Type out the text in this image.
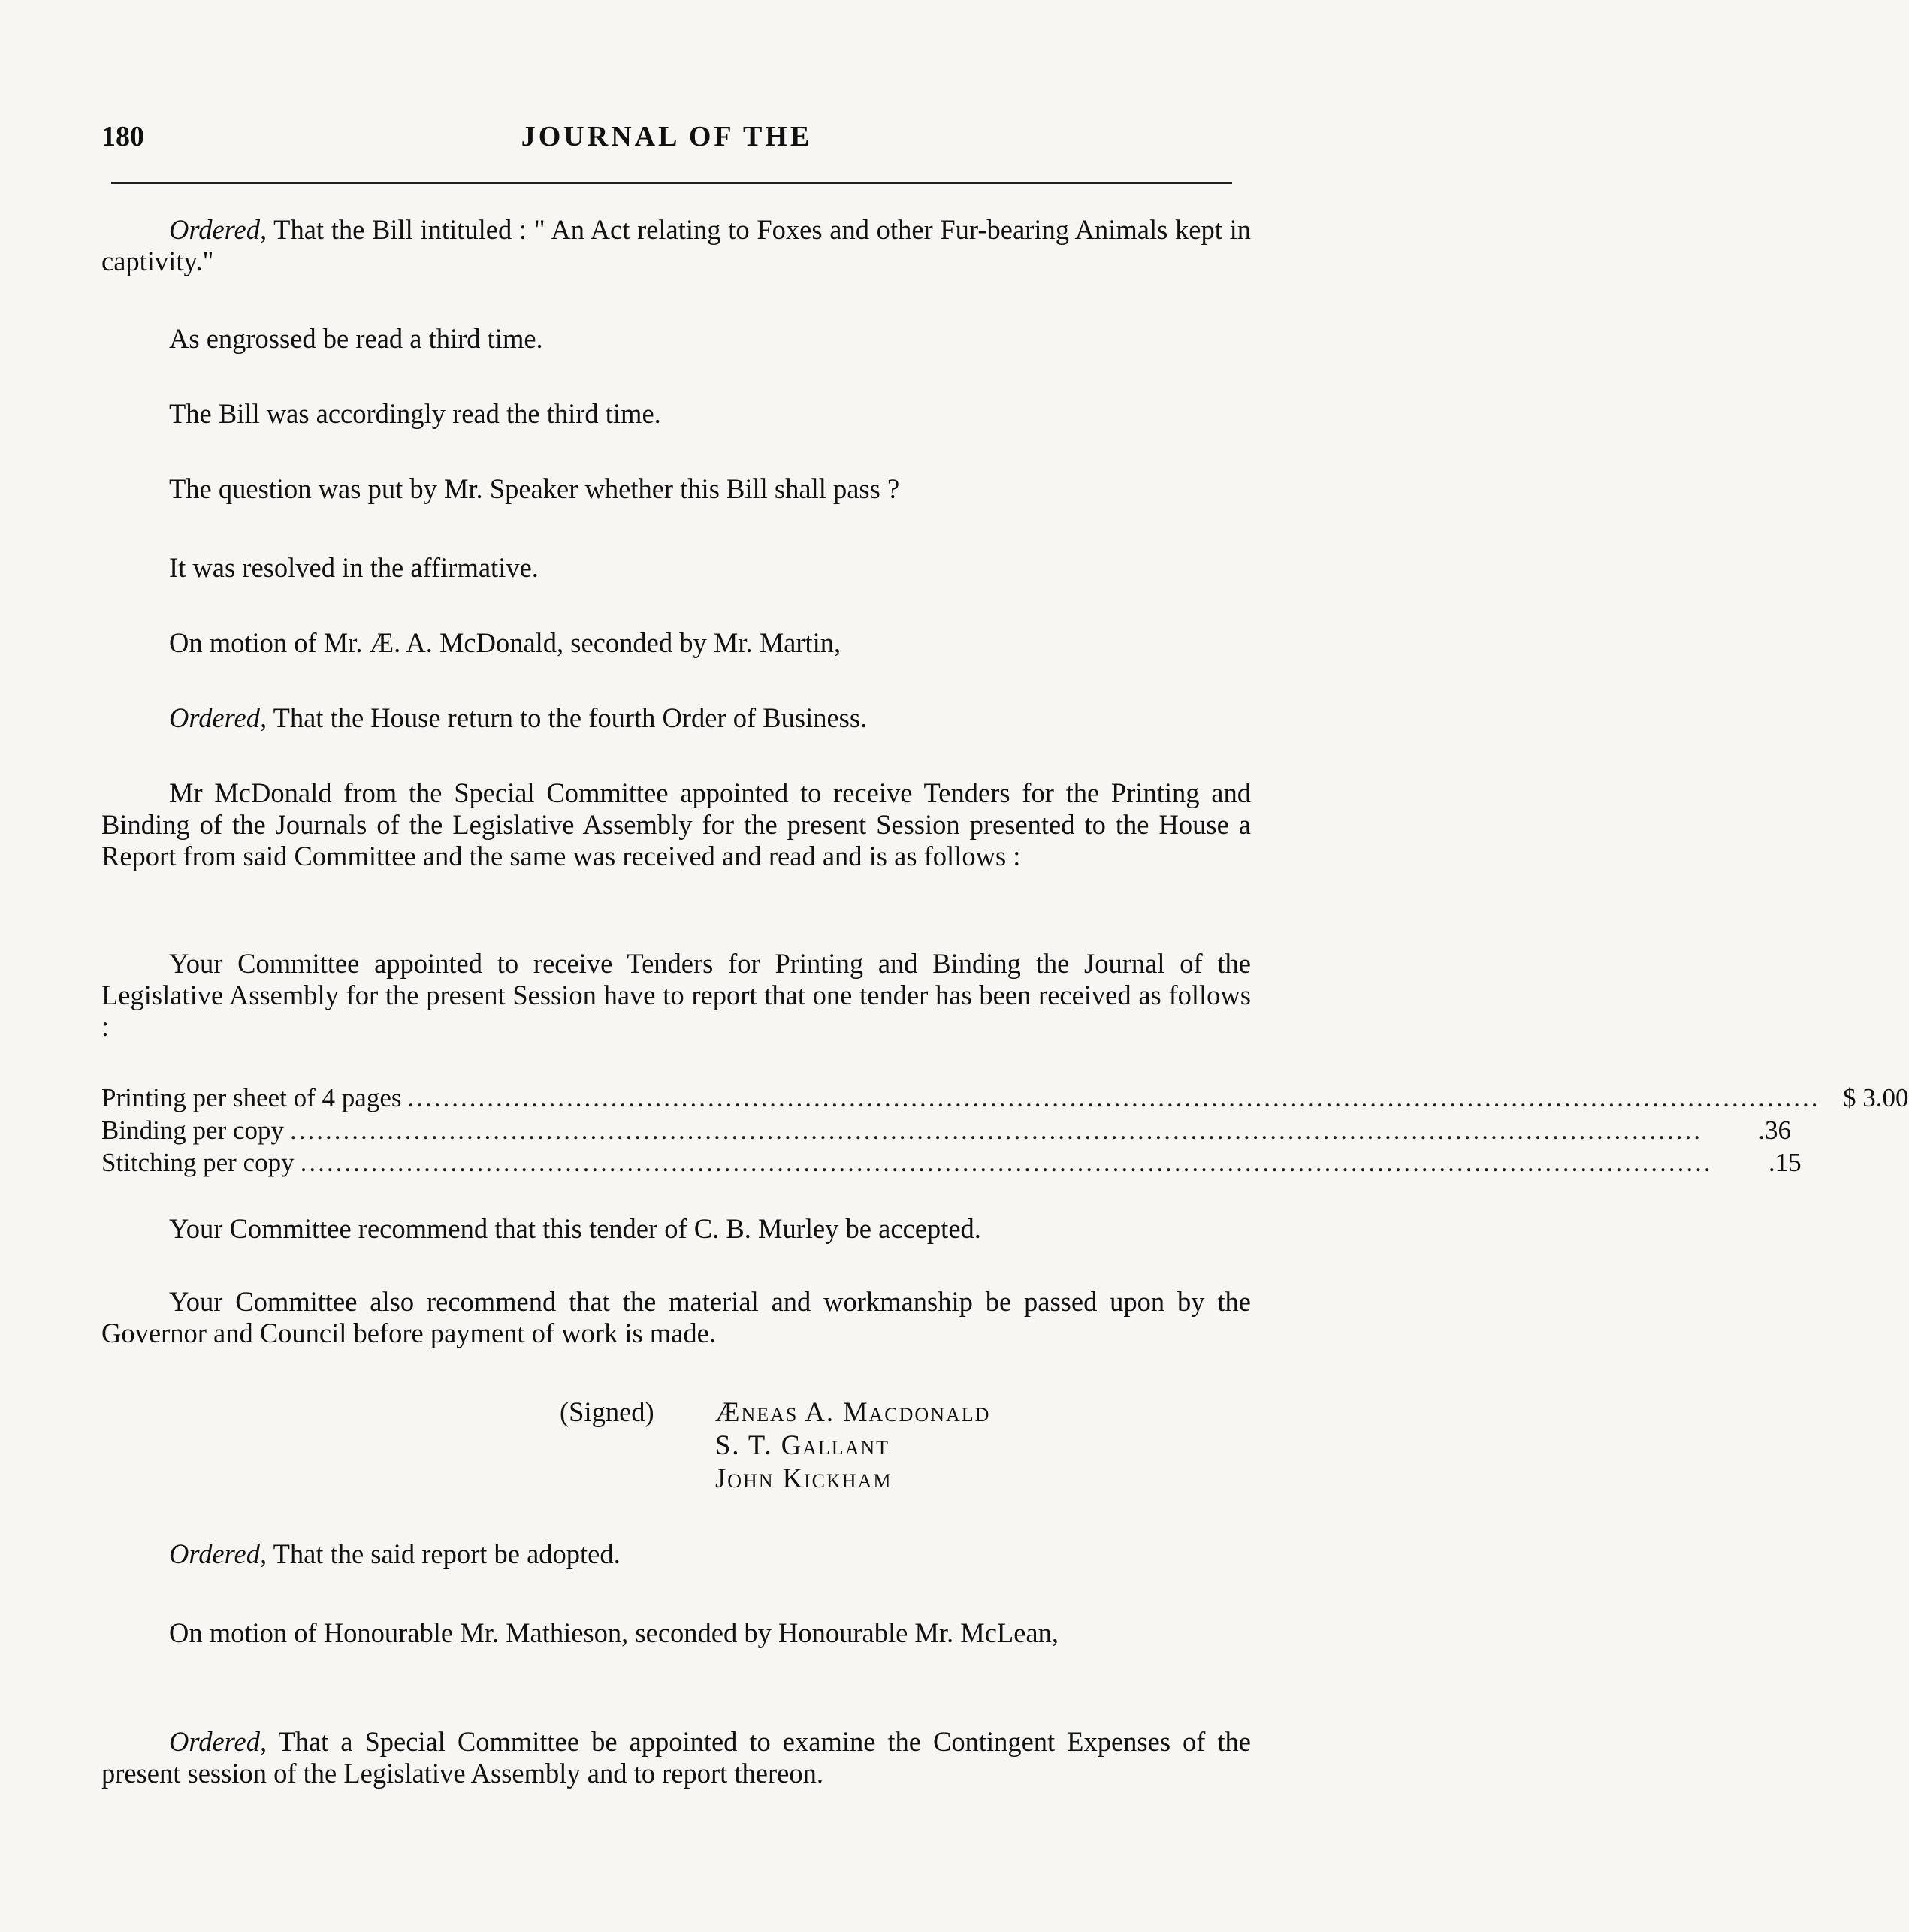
180	JOURNAL OF THE
Ordered, That the Bill intituled : " An Act relating to Foxes and other Fur-bearing Animals kept in captivity."
As engrossed be read a third time.
The Bill was accordingly read the third time.
The question was put by Mr. Speaker whether this Bill shall pass ?
It was resolved in the affirmative.
On motion of Mr. Æ. A. McDonald, seconded by Mr. Martin,
Ordered, That the House return to the fourth Order of Business.
Mr McDonald from the Special Committee appointed to receive Tenders for the Printing and Binding of the Journals of the Legislative Assembly for the present Session presented to the House a Report from said Committee and the same was received and read and is as follows :
Your Committee appointed to receive Tenders for Printing and Binding the Journal of the Legislative Assembly for the present Session have to report that one tender has been received as follows :
Printing per sheet of 4 pages ................................................................................................................................................................ $ 3.00
Binding per copy ................................................................................................................................................................	.36
Stitching per copy ................................................................................................................................................................	.15
Your Committee recommend that this tender of C. B. Murley be accepted.
Your Committee also recommend that the material and workmanship be passed upon by the Governor and Council before payment of work is made.
(Signed) Æneas A. Macdonald
S. T. Gallant
John Kickham
Ordered, That the said report be adopted.
On motion of Honourable Mr. Mathieson, seconded by Honourable Mr. McLean,
Ordered, That a Special Committee be appointed to examine the Contingent Expenses of the present session of the Legislative Assembly and to report thereon.
